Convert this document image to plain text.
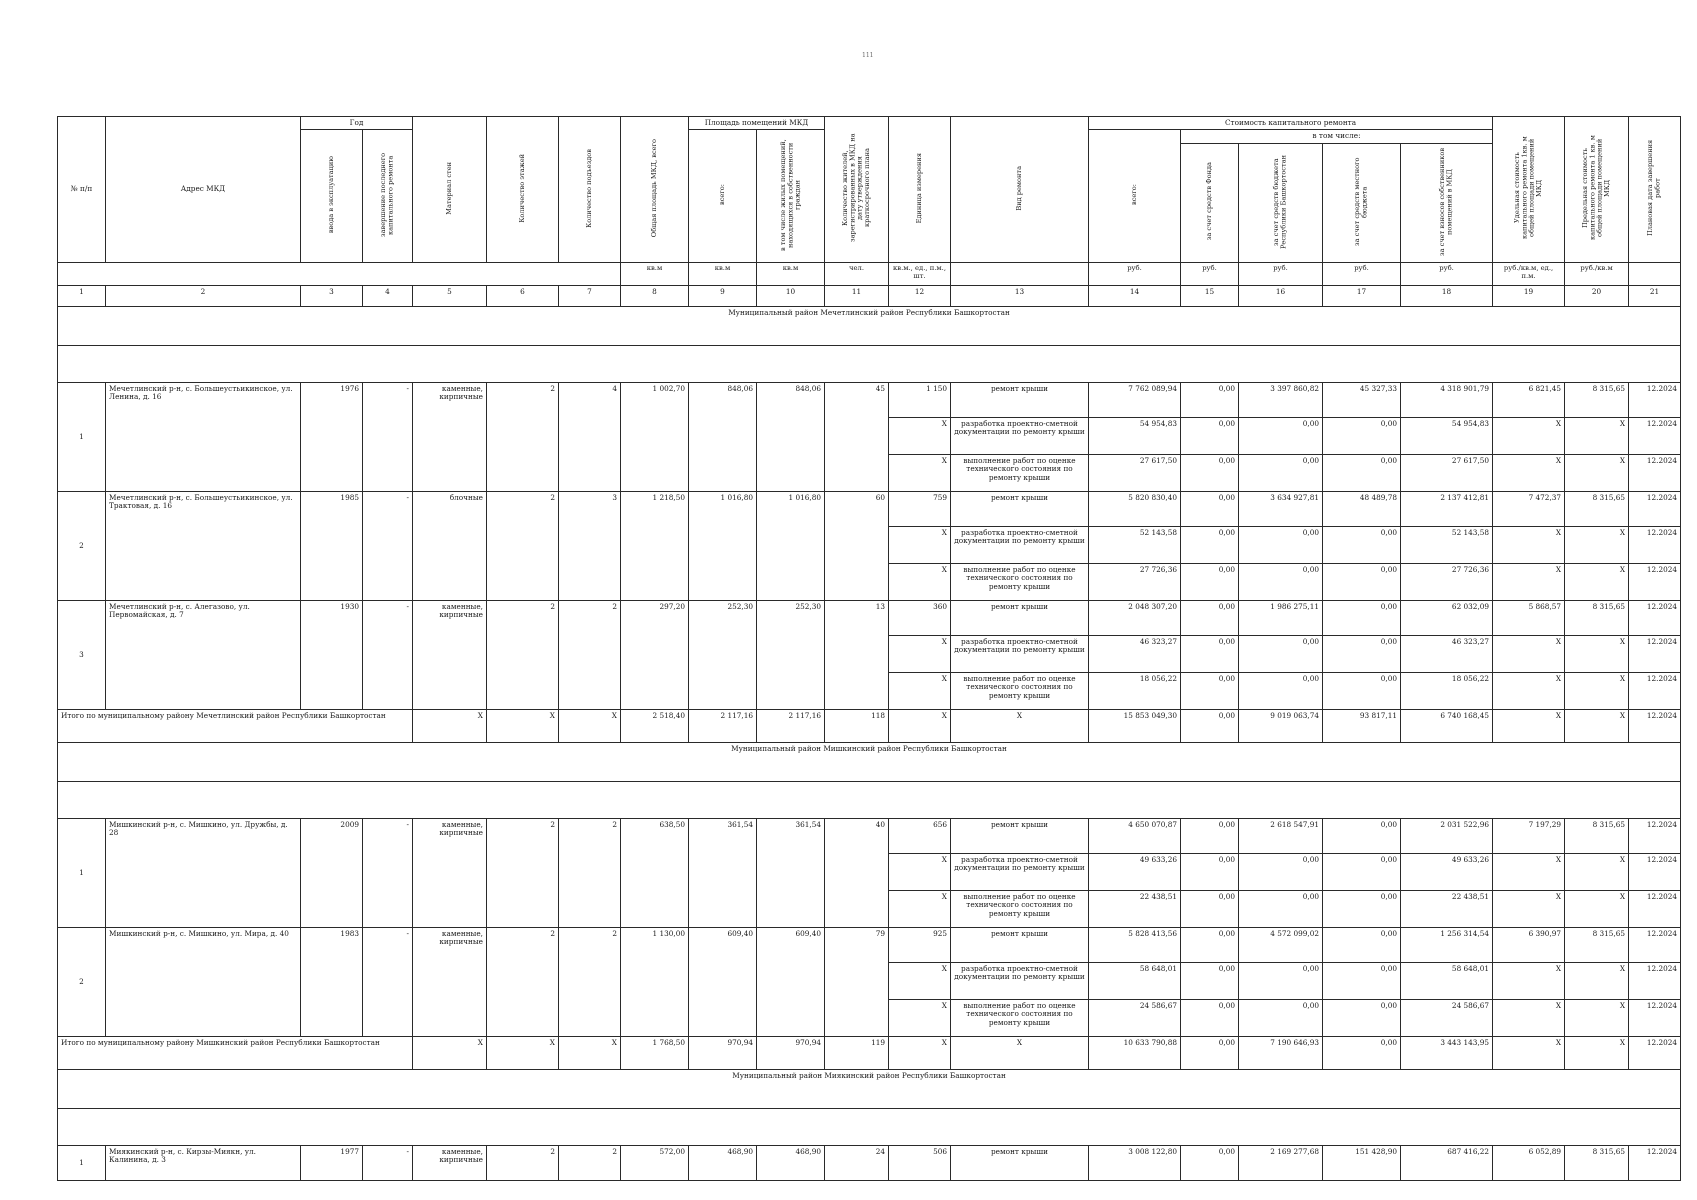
111
№ п/п	Адрес МКД	Год		Материал стен	Количество этажей	Количество подъездов	Общая площадь МКД, всего	Площадь помещений МКД		Количество жителей, зарегистрированных в МКД на дату утверждения краткосрочного плана	Единица измерения	Вид ремонта	Стоимость капитального ремонта					Удельная стоимость капитального ремонта 1кв. м общей площади помещений МКД	Предельная стоимость капитального ремонта 1 кв. м общей площади помещений МКД	Плановая дата завершения работ
		ввода в эксплуатацию	завершение последнего капитального ремонта					всего:	в том числе жилых помещений, находящихся в собственности граждан				всего:	в том числе:						
														за счет средств Фонда	за счет средств бюджета Республики Башкортостан	за счет средств местного бюджета	за счет взносов собственников помещений в МКД			
							кв.м	кв.м	кв.м	чел.	кв.м., ед., п.м., шт.		руб.	руб.	руб.	руб.	руб.	руб./кв.м, ед., п.м.	руб./кв.м	
1	2	3	4	5	6	7	8	9	10	11	12	13	14	15	16	17	18	19	20	21
Муниципальный район Мечетлинский район Республики Башкортостан																				

1	Мечетлинский р-н, с. Большеустьикинское, ул. Ленина, д. 16	1976	-	каменные, кирпичные	2	4	1 002,70	848,06	848,06	45	1 150	ремонт крыши	7 762 089,94	0,00	3 397 860,82	45 327,33	4 318 901,79	6 821,45	8 315,65	12.2024
											X	разработка проектно-сметной документации по ремонту крыши	54 954,83	0,00	0,00	0,00	54 954,83	X	X	12.2024
											X	выполнение работ по оценке технического состояния по ремонту крыши	27 617,50	0,00	0,00	0,00	27 617,50	X	X	12.2024
2	Мечетлинский р-н, с. Большеустьикинское, ул. Трактовая, д. 16	1985	-	блочные	2	3	1 218,50	1 016,80	1 016,80	60	759	ремонт крыши	5 820 830,40	0,00	3 634 927,81	48 489,78	2 137 412,81	7 472,37	8 315,65	12.2024
											X	разработка проектно-сметной документации по ремонту крыши	52 143,58	0,00	0,00	0,00	52 143,58	X	X	12.2024
											X	выполнение работ по оценке технического состояния по ремонту крыши	27 726,36	0,00	0,00	0,00	27 726,36	X	X	12.2024
3	Мечетлинский р-н, с. Алегазово, ул. Первомайская, д. 7	1930	-	каменные, кирпичные	2	2	297,20	252,30	252,30	13	360	ремонт крыши	2 048 307,20	0,00	1 986 275,11	0,00	62 032,09	5 868,57	8 315,65	12.2024
											X	разработка проектно-сметной документации по ремонту крыши	46 323,27	0,00	0,00	0,00	46 323,27	X	X	12.2024
											X	выполнение работ по оценке технического состояния по ремонту крыши	18 056,22	0,00	0,00	0,00	18 056,22	X	X	12.2024
Итого по муниципальному району Мечетлинский район Республики Башкортостан				X	X	X	2 518,40	2 117,16	2 117,16	118	X	X	15 853 049,30	0,00	9 019 063,74	93 817,11	6 740 168,45	X	X	12.2024
Муниципальный район Мишкинский район Республики Башкортостан																				

1	Мишкинский р-н, с. Мишкино, ул. Дружбы, д. 28	2009	-	каменные, кирпичные	2	2	638,50	361,54	361,54	40	656	ремонт крыши	4 650 070,87	0,00	2 618 547,91	0,00	2 031 522,96	7 197,29	8 315,65	12.2024
											X	разработка проектно-сметной документации по ремонту крыши	49 633,26	0,00	0,00	0,00	49 633,26	X	X	12.2024
											X	выполнение работ по оценке технического состояния по ремонту крыши	22 438,51	0,00	0,00	0,00	22 438,51	X	X	12.2024
2	Мишкинский р-н, с. Мишкино, ул. Мира, д. 40	1983	-	каменные, кирпичные	2	2	1 130,00	609,40	609,40	79	925	ремонт крыши	5 828 413,56	0,00	4 572 099,02	0,00	1 256 314,54	6 390,97	8 315,65	12.2024
											X	разработка проектно-сметной документации по ремонту крыши	58 648,01	0,00	0,00	0,00	58 648,01	X	X	12.2024
											X	выполнение работ по оценке технического состояния по ремонту крыши	24 586,67	0,00	0,00	0,00	24 586,67	X	X	12.2024
Итого по муниципальному району Мишкинский район Республики Башкортостан				X	X	X	1 768,50	970,94	970,94	119	X	X	10 633 790,88	0,00	7 190 646,93	0,00	3 443 143,95	X	X	12.2024
Муниципальный район Миякинский район Республики Башкортостан																				

1	Миякинский р-н, с. Кирзы-Миякн, ул. Калинина, д. 3	1977	-	каменные, кирпичные	2	2	572,00	468,90	468,90	24	506	ремонт крыши	3 008 122,80	0,00	2 169 277,68	151 428,90	687 416,22	6 052,89	8 315,65	12.2024
